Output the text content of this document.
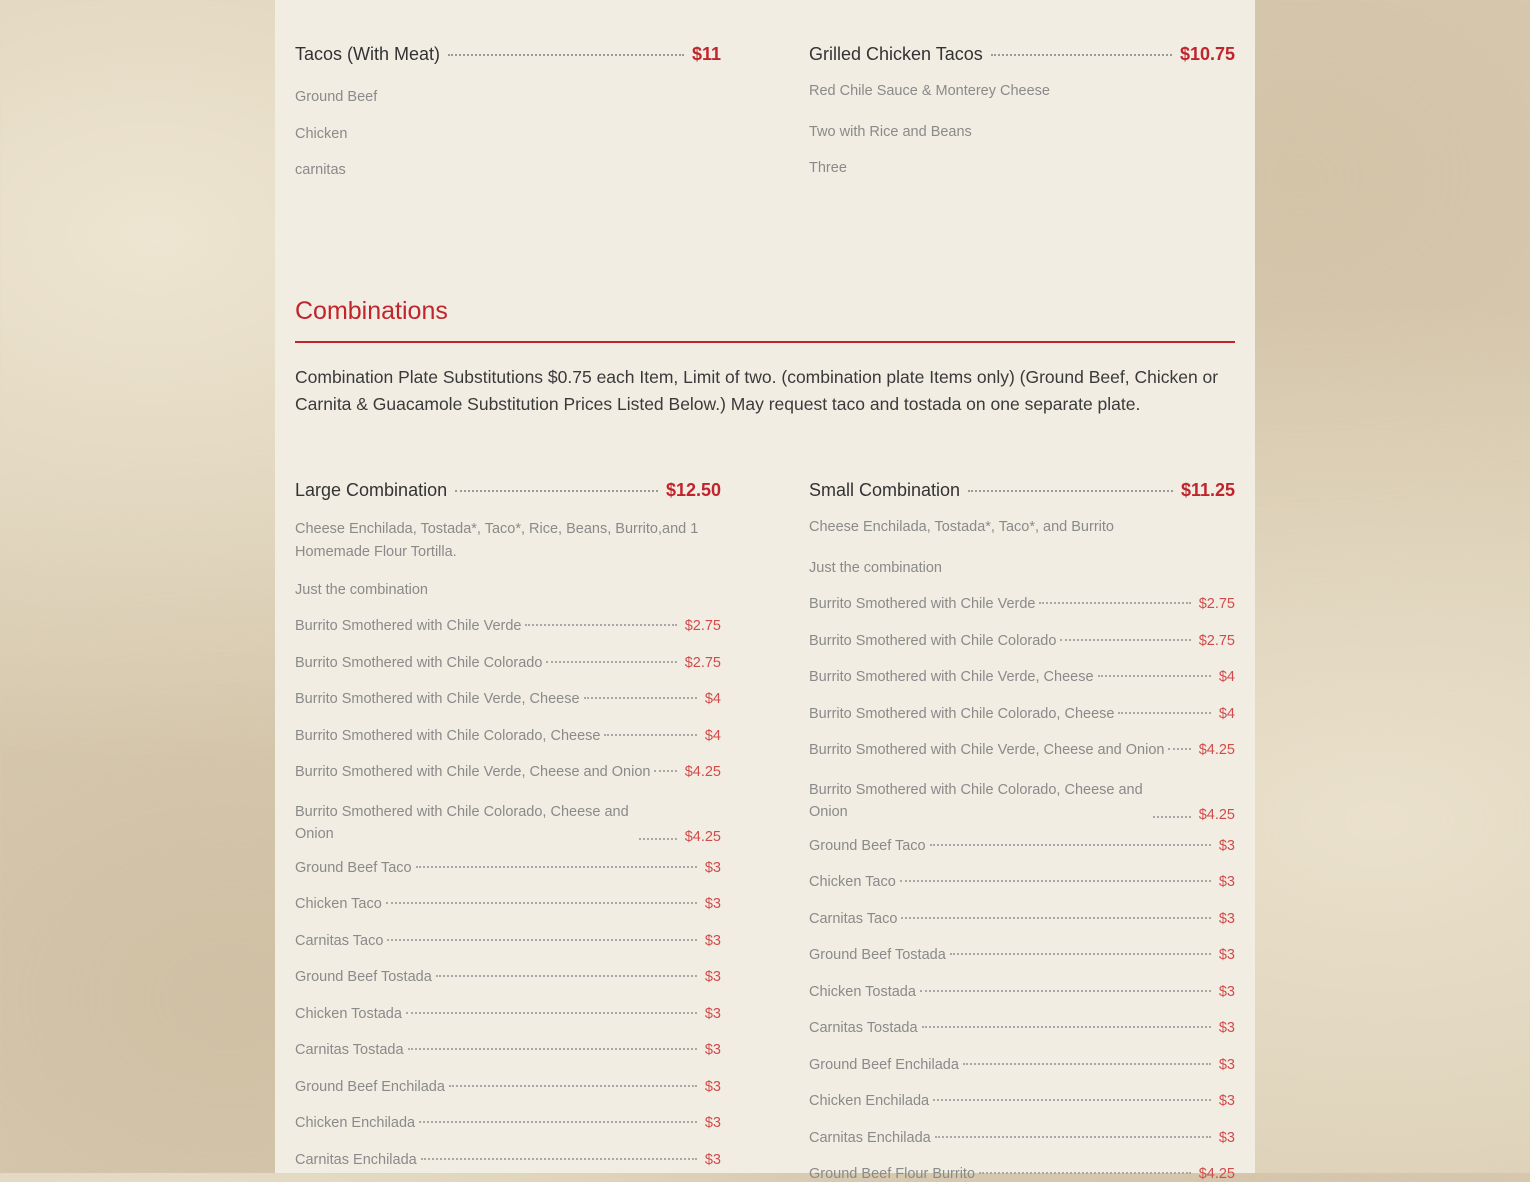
Tacos (With Meat)	$11
Ground Beef
Chicken
carnitas
Grilled Chicken Tacos	$10.75
Red Chile Sauce & Monterey Cheese
Two with Rice and Beans
Three
Combinations
Combination Plate Substitutions $0.75 each Item, Limit of two. (combination plate Items only) (Ground Beef, Chicken or Carnita & Guacamole Substitution Prices Listed Below.) May request taco and tostada on one separate plate.
Large Combination	$12.50
Cheese Enchilada, Tostada*, Taco*, Rice, Beans, Burrito,and 1 Homemade Flour Tortilla.
Just the combination
Burrito Smothered with Chile Verde	$2.75
Burrito Smothered with Chile Colorado	$2.75
Burrito Smothered with Chile Verde, Cheese	$4
Burrito Smothered with Chile Colorado, Cheese	$4
Burrito Smothered with Chile Verde, Cheese and Onion $4.25
Burrito Smothered with Chile Colorado, Cheese and Onion	$4.25
Ground Beef Taco	$3
Chicken Taco	$3
Carnitas Taco	$3
Ground Beef Tostada	$3
Chicken Tostada	$3
Carnitas Tostada	$3
Ground Beef Enchilada	$3
Chicken Enchilada	$3
Carnitas Enchilada	$3
Small Combination	$11.25
Cheese Enchilada, Tostada*, Taco*, and Burrito
Just the combination
Burrito Smothered with Chile Verde	$2.75
Burrito Smothered with Chile Colorado	$2.75
Burrito Smothered with Chile Verde, Cheese	$4
Burrito Smothered with Chile Colorado, Cheese	$4
Burrito Smothered with Chile Verde, Cheese and Onion $4.25
Burrito Smothered with Chile Colorado, Cheese and Onion	$4.25
Ground Beef Taco	$3
Chicken Taco	$3
Carnitas Taco	$3
Ground Beef Tostada	$3
Chicken Tostada	$3
Carnitas Tostada	$3
Ground Beef Enchilada	$3
Chicken Enchilada	$3
Carnitas Enchilada	$3
Ground Beef Flour Burrito	$4.25
